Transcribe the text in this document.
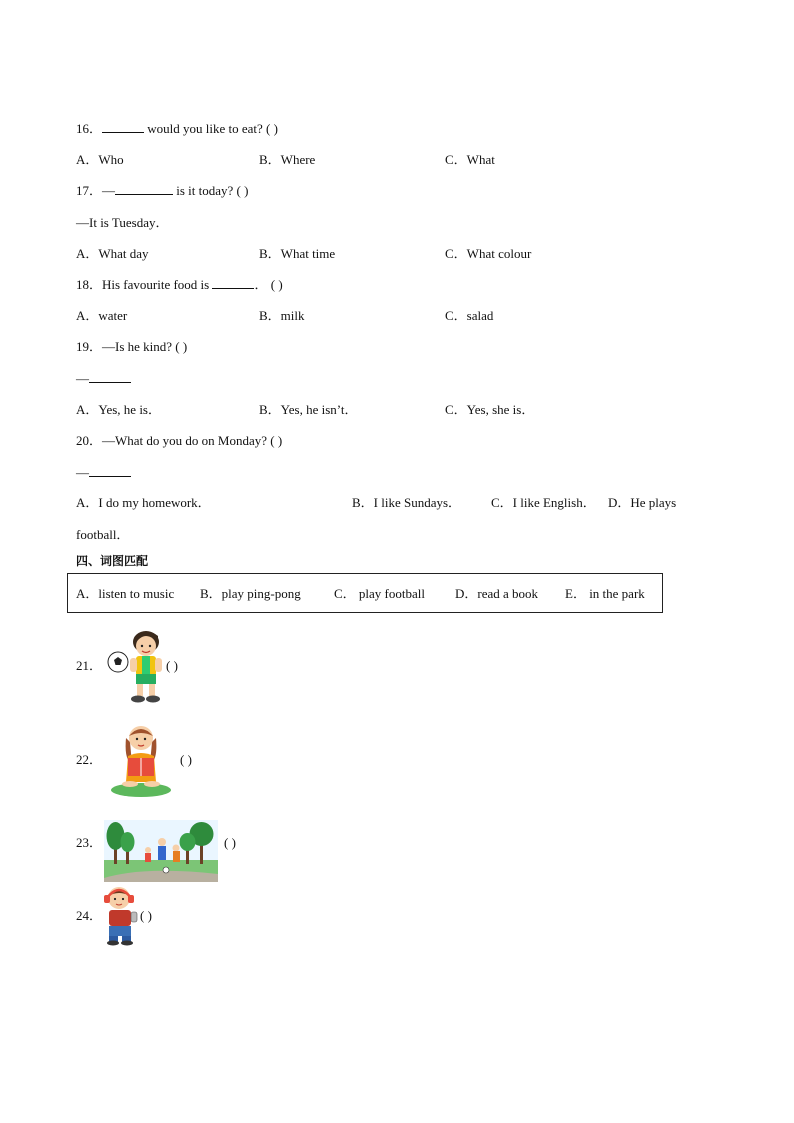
16．	would you like to eat? ( )
A．Who	B．Where	C．What
17．—	is it today? ( )
—It is Tuesday．
A．What day	B．What time	C．What colour
18．His favourite food is	． ( )
A．water	B．milk	C．salad
19．—Is he kind? ( )
—
A．Yes, he is．	B．Yes, he isn’t．	C．Yes, she is．
20．—What do you do on Monday? ( )
—
A．I do my homework．	B．I like Sundays． C．I like English． D．He plays
football．
四、词图匹配
A．listen to music B．play ping-pong	C． play football D．read a book E． in the park
21．	( )
22．	( )
23．	( )
24．	( )
